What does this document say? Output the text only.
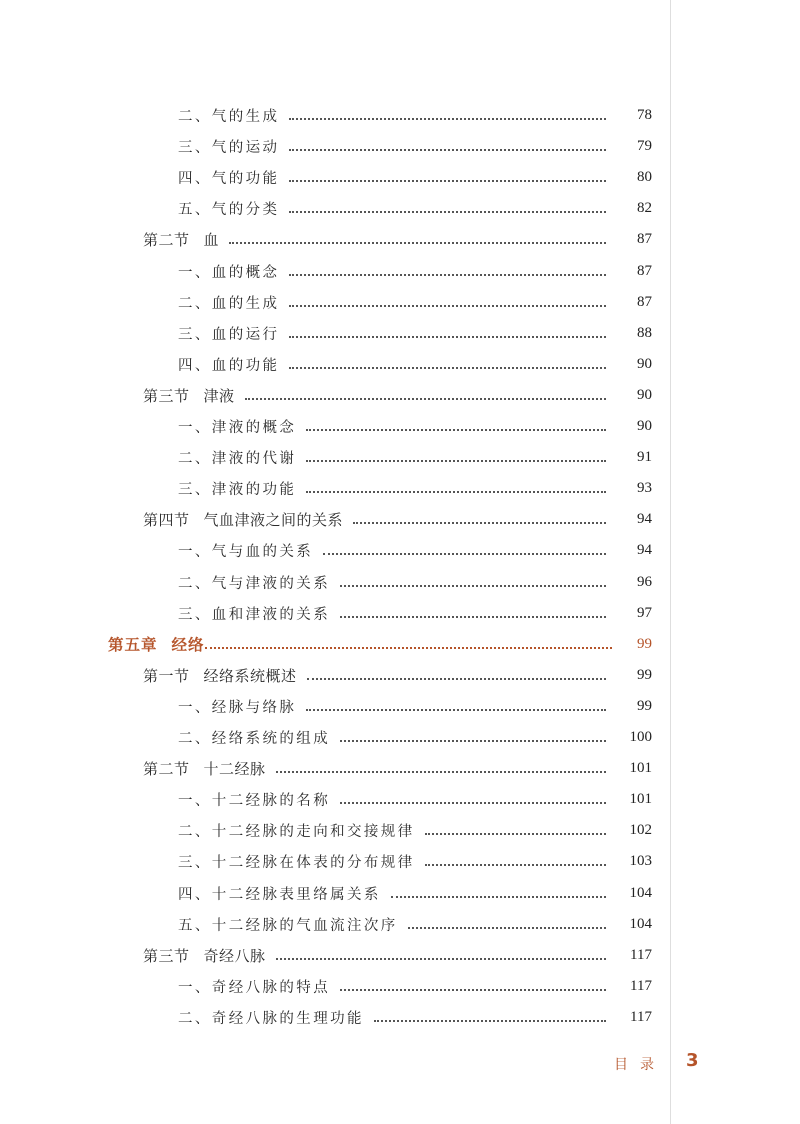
二、气的生成	78
三、气的运动	79
四、气的功能	80
五、气的分类	82
第二节 血	87
一、血的概念	87
二、血的生成	87
三、血的运行	88
四、血的功能	90
第三节 津液	90
一、津液的概念	90
二、津液的代谢	91
三、津液的功能	93
第四节 气血津液之间的关系	94
一、气与血的关系	94
二、气与津液的关系	96
三、血和津液的关系	97
第五章 经络	99
第一节 经络系统概述	99
一、经脉与络脉	99
二、经络系统的组成	100
第二节 十二经脉	101
一、十二经脉的名称	101
二、十二经脉的走向和交接规律	102
三、十二经脉在体表的分布规律	103
四、十二经脉表里络属关系	104
五、十二经脉的气血流注次序	104
第三节 奇经八脉	117
一、奇经八脉的特点	117
二、奇经八脉的生理功能	117
目录 3
